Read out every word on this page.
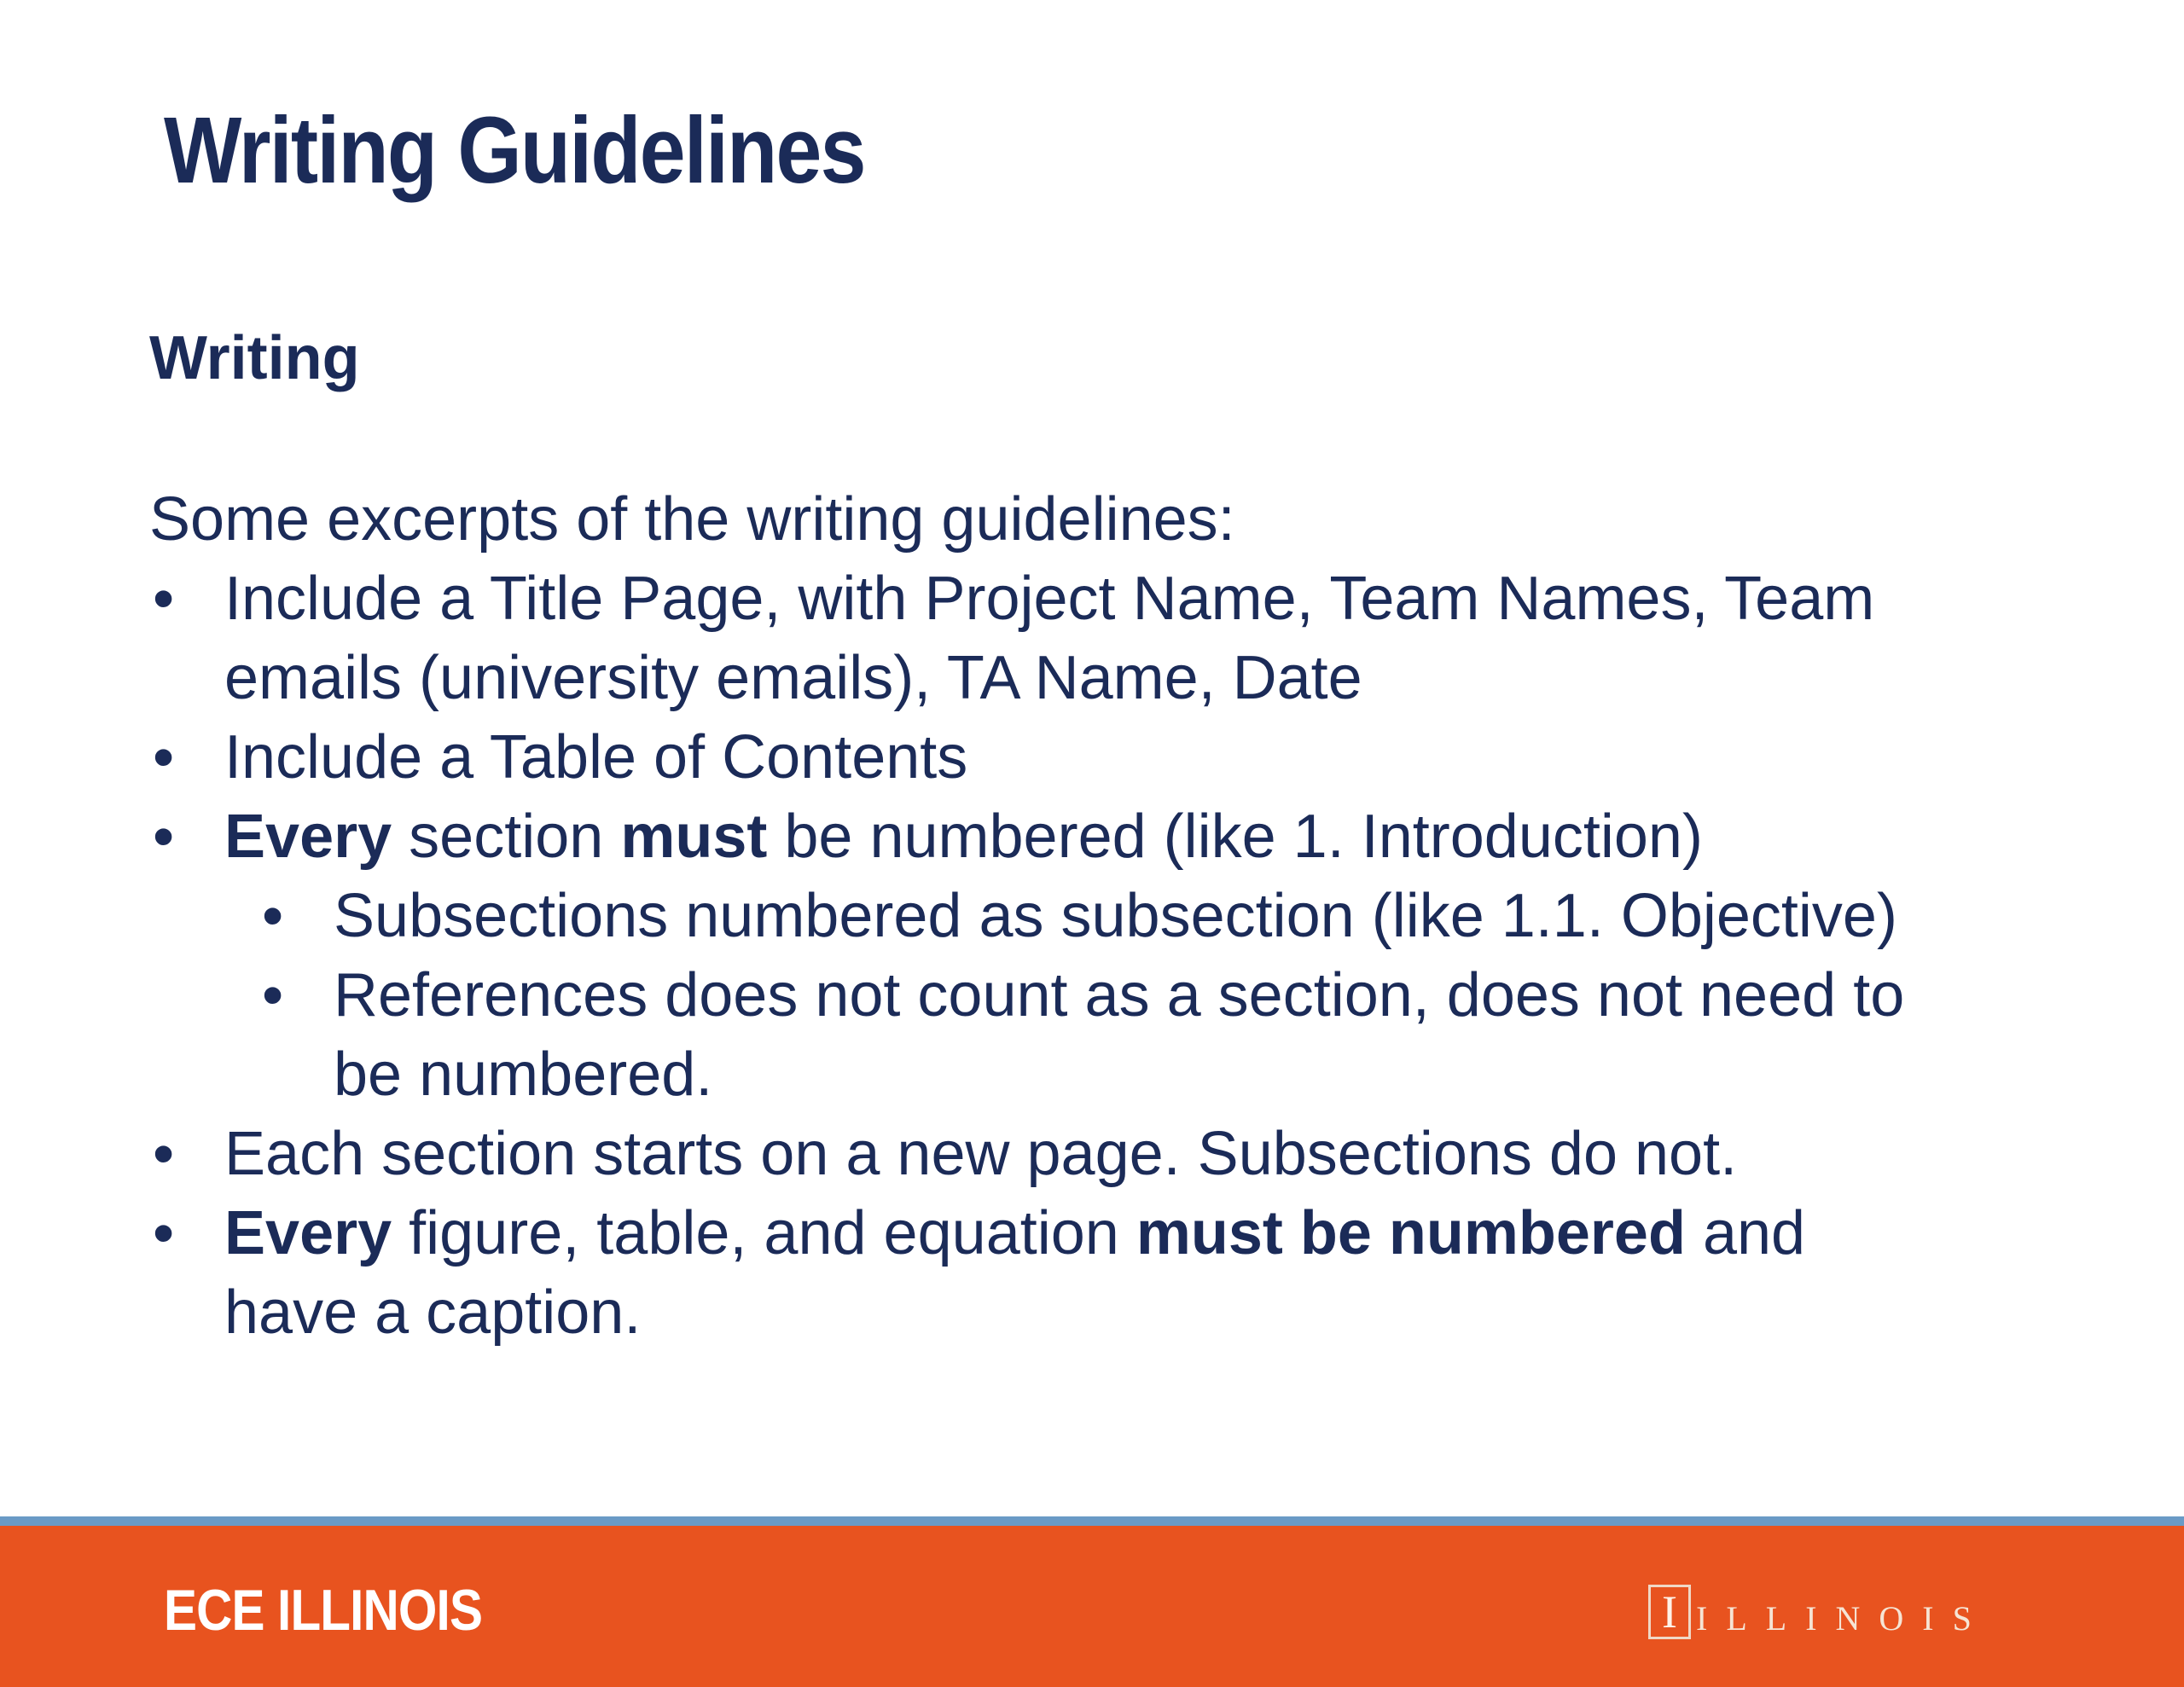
Writing Guidelines
Writing

Some excerpts of the writing guidelines:

• Include a Title Page, with Project Name, Team Names, Team
emails (university emails), TA Name, Date
• Include a Table of Contents
• Every section must be numbered (like 1. Introduction)
• Subsections numbered as subsection (like 1.1. Objective)
• References does not count as a section, does not need to
be numbered.
• Each section starts on a new page. Subsections do not.
• Every figure, table, and equation must be numbered and
have a caption.
ECE ILLINOIS	I ILLINOIS
